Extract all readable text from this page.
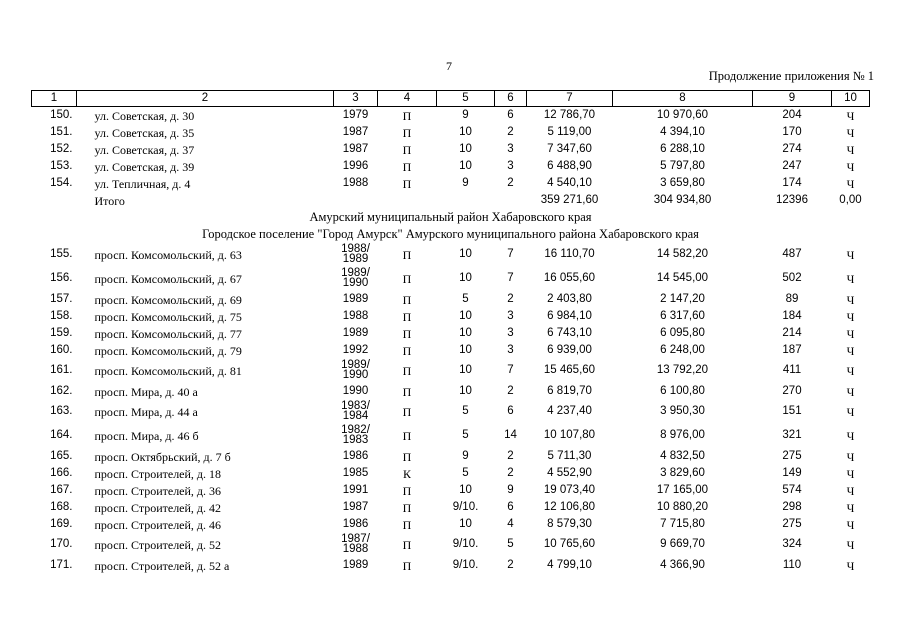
7
Продолжение приложения № 1
1	2	3	4	5	6	7	8	9	10
150.	ул. Советская, д. 30	1979	П	9	6	12 786,70	10 970,60	204	Ч
151.	ул. Советская, д. 35	1987	П	10	2	5 119,00	4 394,10	170	Ч
152.	ул. Советская, д. 37	1987	П	10	3	7 347,60	6 288,10	274	Ч
153.	ул. Советская, д. 39	1996	П	10	3	6 488,90	5 797,80	247	Ч
154.	ул. Тепличная, д. 4	1988	П	9	2	4 540,10	3 659,80	174	Ч
	Итого					359 271,60	304 934,80	12396	0,00
Амурский муниципальный район Хабаровского края									
Городское поселение "Город Амурск" Амурского муниципального района Хабаровского края									
155.	просп. Комсомольский, д. 63	1988/
1989	П	10	7	16 110,70	14 582,20	487	Ч
156.	просп. Комсомольский, д. 67	1989/
1990	П	10	7	16 055,60	14 545,00	502	Ч
157.	просп. Комсомольский, д. 69	1989	П	5	2	2 403,80	2 147,20	89	Ч
158.	просп. Комсомольский, д. 75	1988	П	10	3	6 984,10	6 317,60	184	Ч
159.	просп. Комсомольский, д. 77	1989	П	10	3	6 743,10	6 095,80	214	Ч
160.	просп. Комсомольский, д. 79	1992	П	10	3	6 939,00	6 248,00	187	Ч
161.	просп. Комсомольский, д. 81	1989/
1990	П	10	7	15 465,60	13 792,20	411	Ч
162.	просп. Мира, д. 40 а	1990	П	10	2	6 819,70	6 100,80	270	Ч
163.	просп. Мира, д. 44 а	1983/
1984	П	5	6	4 237,40	3 950,30	151	Ч
164.	просп. Мира, д. 46 б	1982/
1983	П	5	14	10 107,80	8 976,00	321	Ч
165.	просп. Октябрьский, д. 7 б	1986	П	9	2	5 711,30	4 832,50	275	Ч
166.	просп. Строителей, д. 18	1985	К	5	2	4 552,90	3 829,60	149	Ч
167.	просп. Строителей, д. 36	1991	П	10	9	19 073,40	17 165,00	574	Ч
168.	просп. Строителей, д. 42	1987	П	9/10.	6	12 106,80	10 880,20	298	Ч
169.	просп. Строителей, д. 46	1986	П	10	4	8 579,30	7 715,80	275	Ч
170.	просп. Строителей, д. 52	1987/
1988	П	9/10.	5	10 765,60	9 669,70	324	Ч
171.	просп. Строителей, д. 52 а	1989	П	9/10.	2	4 799,10	4 366,90	110	Ч
